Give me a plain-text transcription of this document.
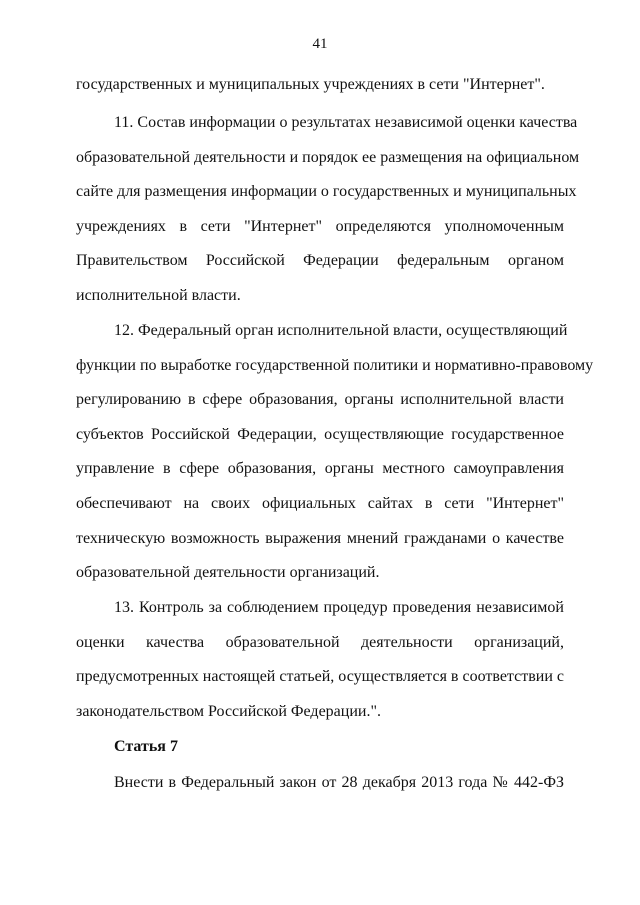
41
государственных и муниципальных учреждениях в сети "Интернет".
11. Состав информации о результатах независимой оценки качества
образовательной деятельности и порядок ее размещения на официальном
сайте для размещения информации о государственных и муниципальных
учреждениях в сети "Интернет" определяются уполномоченным
Правительством Российской Федерации федеральным органом
исполнительной власти.
12. Федеральный орган исполнительной власти, осуществляющий
функции по выработке государственной политики и нормативно-правовому
регулированию в сфере образования, органы исполнительной власти
субъектов Российской Федерации, осуществляющие государственное
управление в сфере образования, органы местного самоуправления
обеспечивают на своих официальных сайтах в сети "Интернет"
техническую возможность выражения мнений гражданами о качестве
образовательной деятельности организаций.
13. Контроль за соблюдением процедур проведения независимой
оценки качества образовательной деятельности организаций,
предусмотренных настоящей статьей, осуществляется в соответствии с
законодательством Российской Федерации.".
Статья 7
Внести в Федеральный закон от 28 декабря 2013 года № 442-ФЗ
